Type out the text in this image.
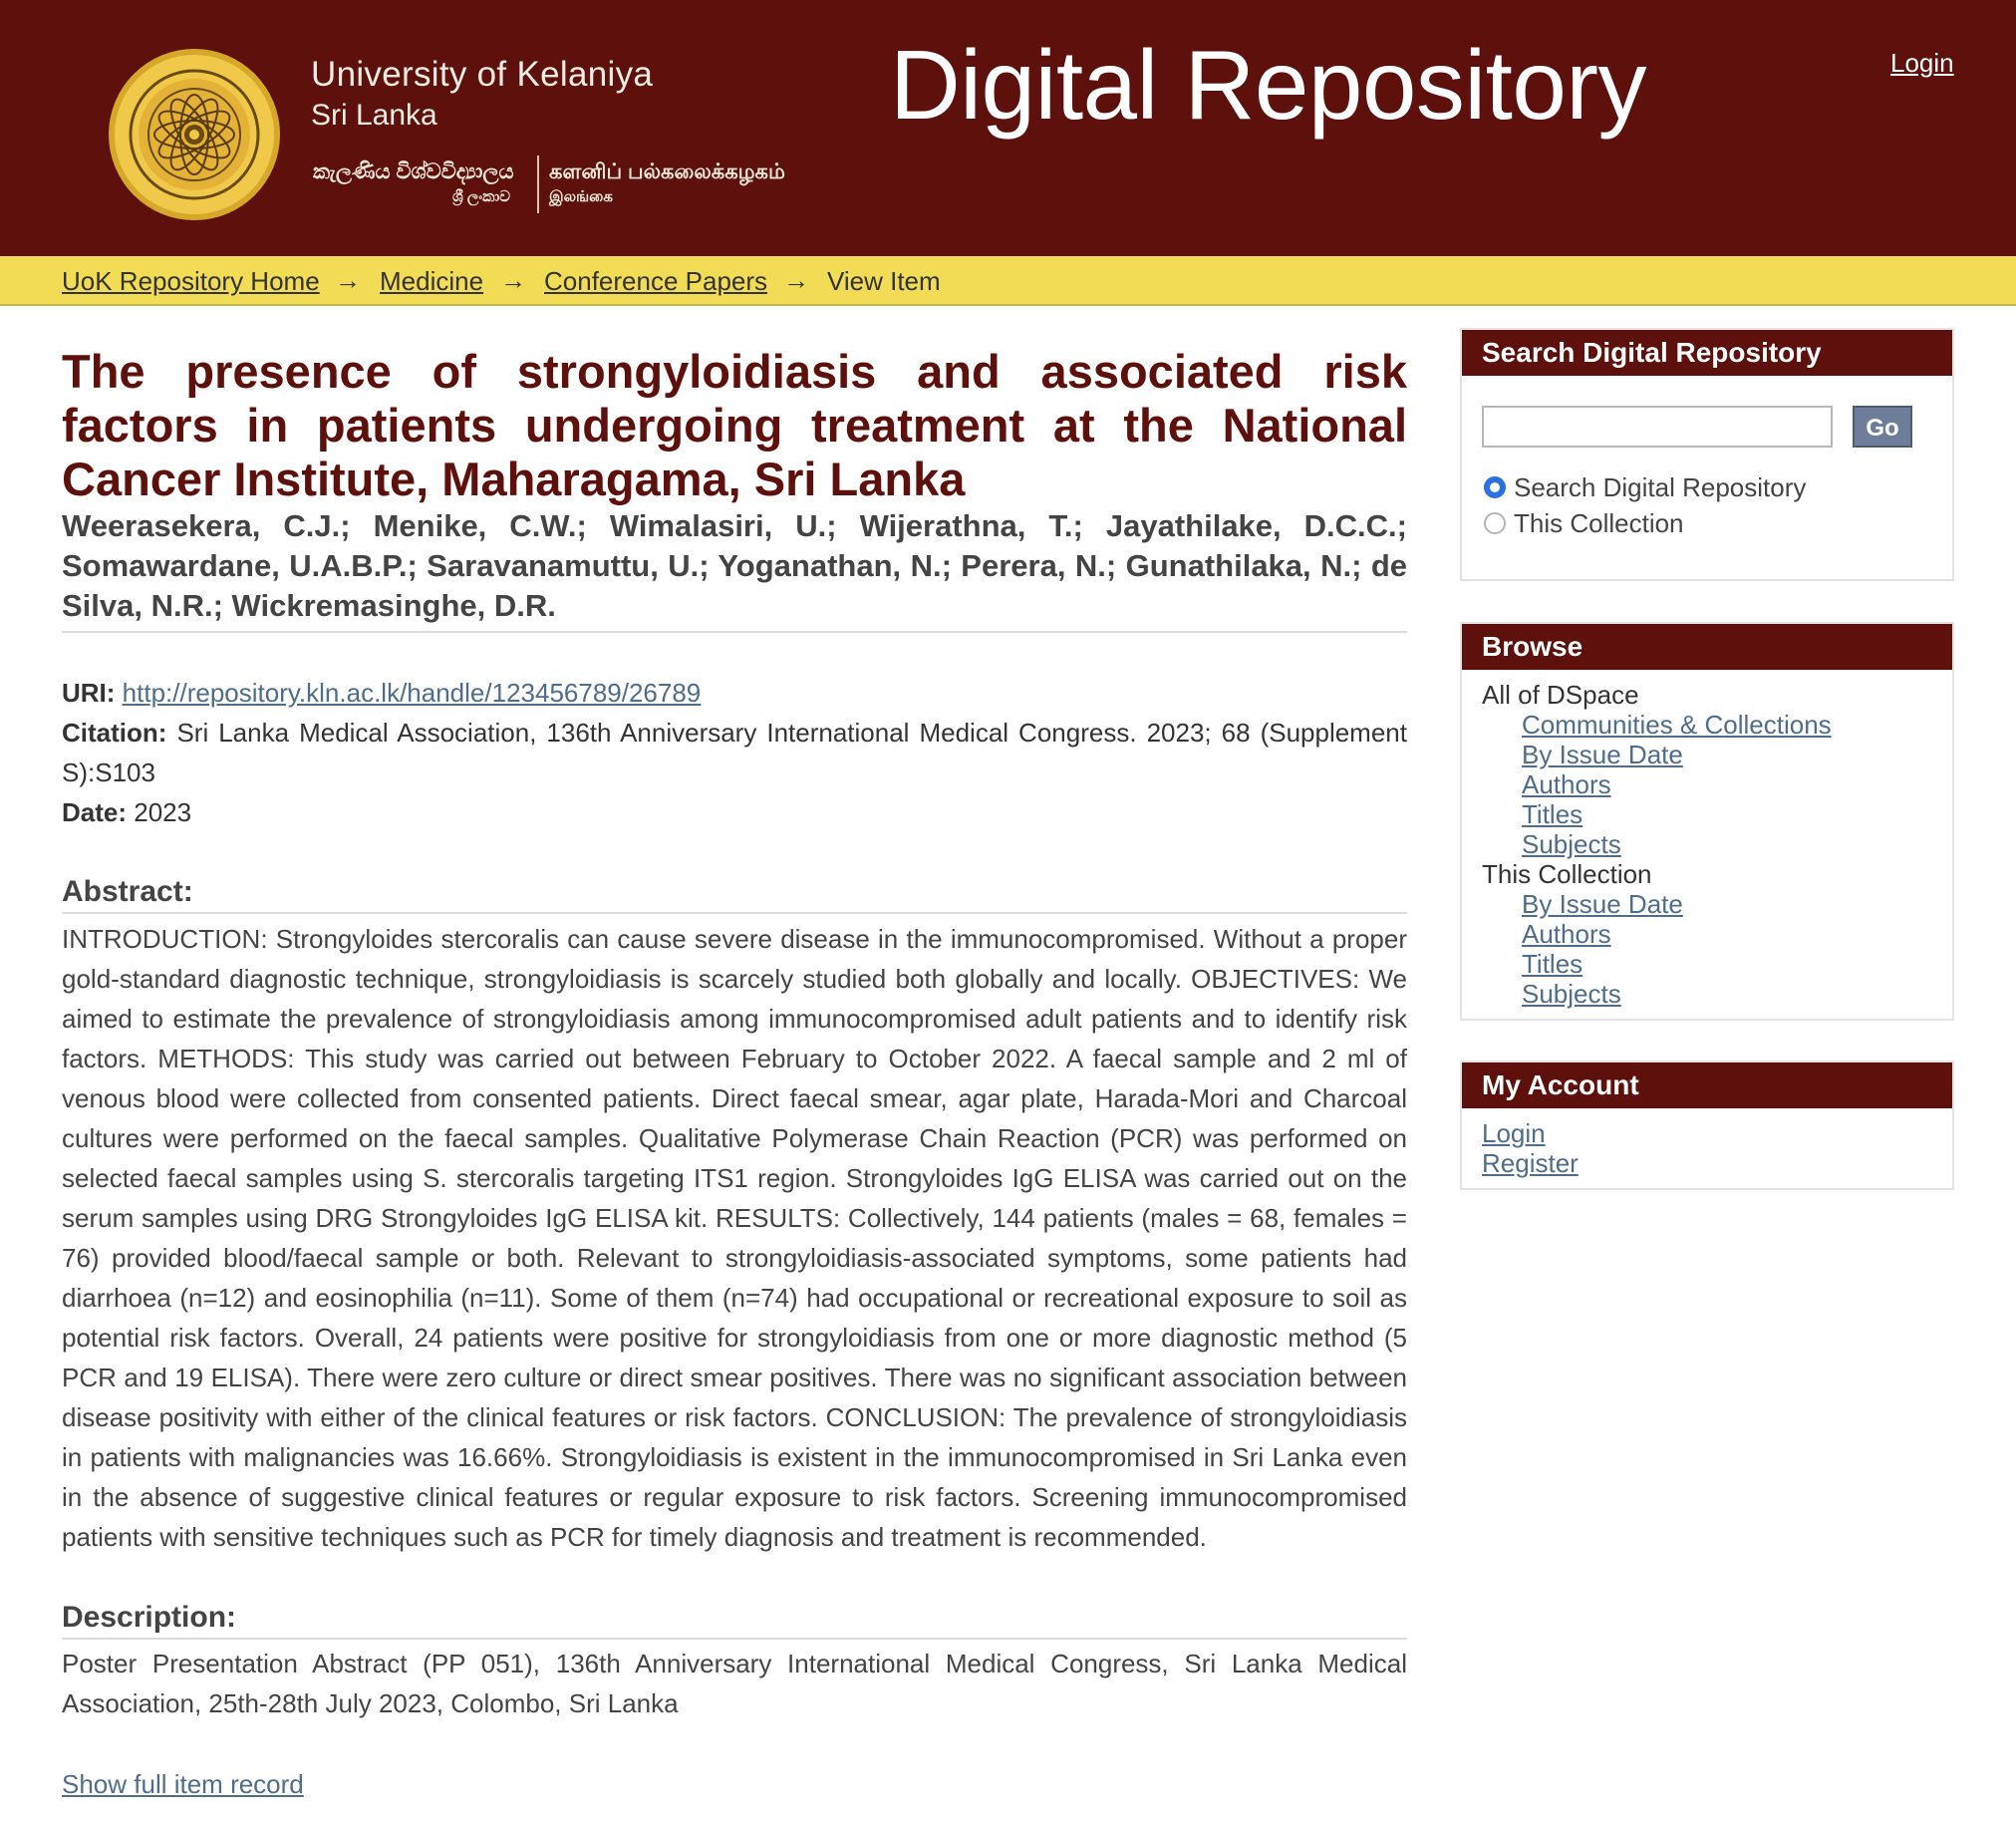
University of Kelaniya
Sri Lanka
කැලණිය විශ්වවිද්‍යාලය
ශ්‍රී ලංකාව
களனிப் பல்கலைக்கழகம்
இலங்கை
Digital Repository	Login
UoK Repository Home → Medicine → Conference Papers → View Item
The presence of strongyloidiasis and associated risk factors in patients undergoing treatment at the National Cancer Institute, Maharagama, Sri Lanka
Weerasekera, C.J.; Menike, C.W.; Wimalasiri, U.; Wijerathna, T.; Jayathilake, D.C.C.; Somawardane, U.A.B.P.; Saravanamuttu, U.; Yoganathan, N.; Perera, N.; Gunathilaka, N.; de Silva, N.R.; Wickremasinghe, D.R.
URI: http://repository.kln.ac.lk/handle/123456789/26789
Citation: Sri Lanka Medical Association, 136th Anniversary International Medical Congress. 2023; 68 (Supplement S):S103
Date: 2023
Abstract:
INTRODUCTION: Strongyloides stercoralis can cause severe disease in the immunocompromised. Without a proper gold-standard diagnostic technique, strongyloidiasis is scarcely studied both globally and locally. OBJECTIVES: We aimed to estimate the prevalence of strongyloidiasis among immunocompromised adult patients and to identify risk factors. METHODS: This study was carried out between February to October 2022. A faecal sample and 2 ml of venous blood were collected from consented patients. Direct faecal smear, agar plate, Harada-Mori and Charcoal cultures were performed on the faecal samples. Qualitative Polymerase Chain Reaction (PCR) was performed on selected faecal samples using S. stercoralis targeting ITS1 region. Strongyloides IgG ELISA was carried out on the serum samples using DRG Strongyloides IgG ELISA kit. RESULTS: Collectively, 144 patients (males = 68, females = 76) provided blood/faecal sample or both. Relevant to strongyloidiasis-associated symptoms, some patients had diarrhoea (n=12) and eosinophilia (n=11). Some of them (n=74) had occupational or recreational exposure to soil as potential risk factors. Overall, 24 patients were positive for strongyloidiasis from one or more diagnostic method (5 PCR and 19 ELISA). There were zero culture or direct smear positives. There was no significant association between disease positivity with either of the clinical features or risk factors. CONCLUSION: The prevalence of strongyloidiasis in patients with malignancies was 16.66%. Strongyloidiasis is existent in the immunocompromised in Sri Lanka even in the absence of suggestive clinical features or regular exposure to risk factors. Screening immunocompromised patients with sensitive techniques such as PCR for timely diagnosis and treatment is recommended.
Description:
Poster Presentation Abstract (PP 051), 136th Anniversary International Medical Congress, Sri Lanka Medical Association, 25th-28th July 2023, Colombo, Sri Lanka
Show full item record
Search Digital Repository
Go
Search Digital Repository
This Collection
Browse
All of DSpace
Communities & Collections
By Issue Date
Authors
Titles
Subjects
This Collection
By Issue Date
Authors
Titles
Subjects
My Account
Login
Register
